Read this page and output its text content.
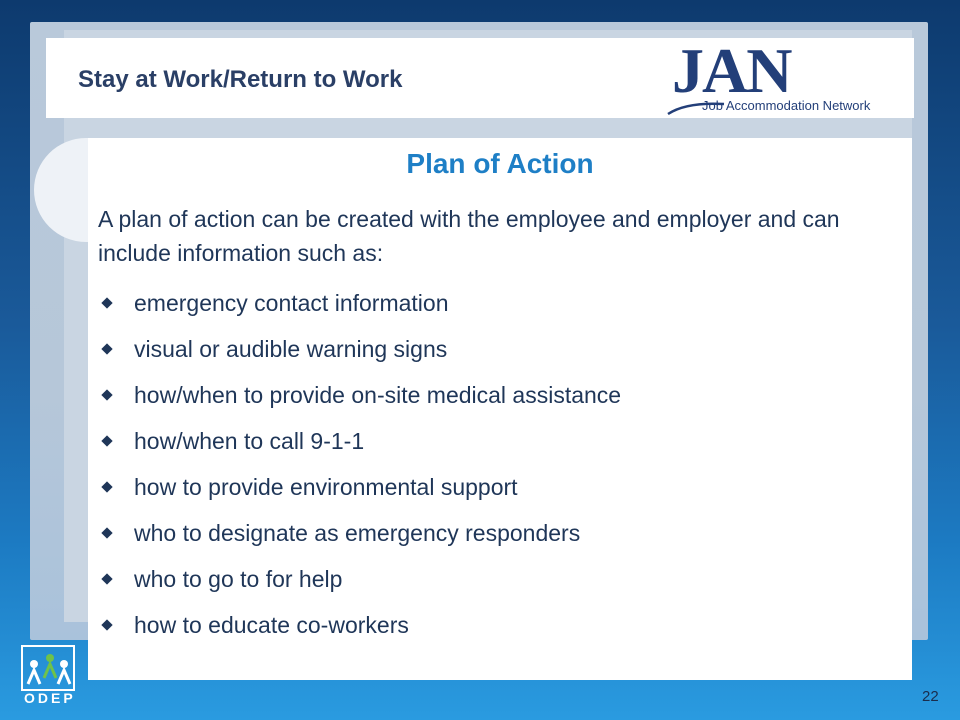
Stay at Work/Return to Work	JAN
Job Accommodation Network
Plan of Action
A plan of action can be created with the employee and employer and can include information such as:
emergency contact information
visual or audible warning signs
how/when to provide on-site medical assistance
how/when to call 9-1-1
how to provide environmental support
who to designate as emergency responders
who to go to for help
how to educate co-workers
ODEP	22
